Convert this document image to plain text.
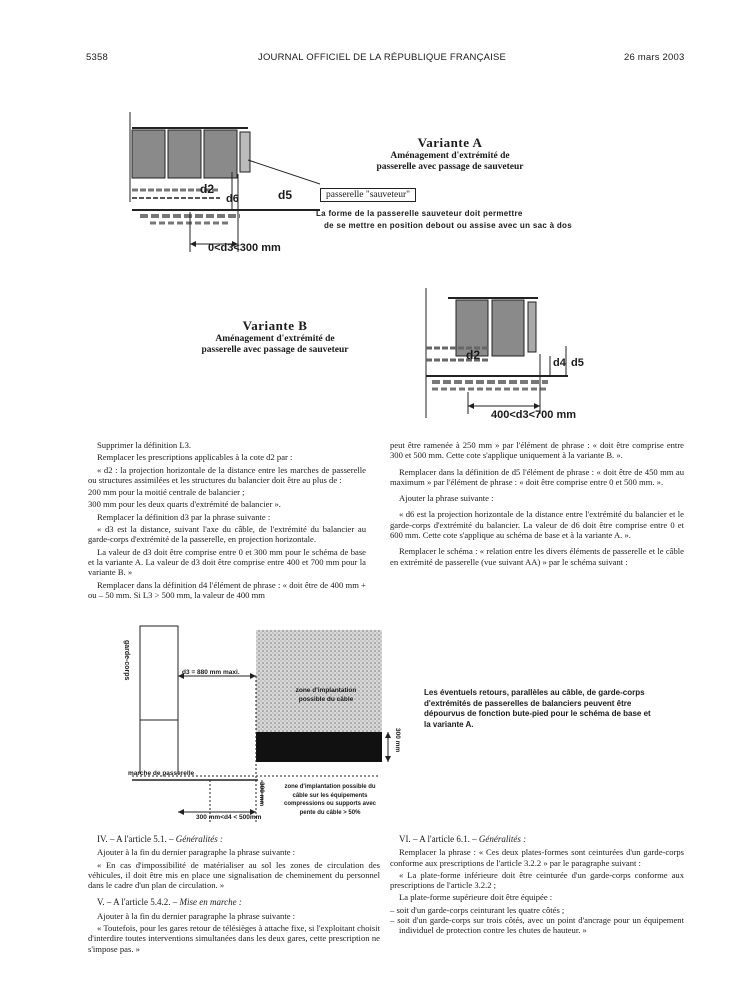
5358	JOURNAL OFFICIEL DE LA RÉPUBLIQUE FRANÇAISE	26 mars 2003
d2
d6	d5
0<d3<300 mm
passerelle "sauveteur"
Variante A
Aménagement d'extrémité de
passerelle avec passage de sauveteur
La forme de la passerelle sauveteur doit permettre
de se mettre en position debout ou assise avec un sac à dos
Variante B
Aménagement d'extrémité de
passerelle avec passage de sauveteur	d2
d4 d5
400<d3<700 mm

Supprimer la définition L3.

Remplacer les prescriptions applicables à la cote d2 par :

« d2 : la projection horizontale de la distance entre les marches de passerelle ou structures assimilées et les structures du balancier doit être au plus de :

200 mm pour la moitié centrale de balancier ;

300 mm pour les deux quarts d'extrémité de balancier ».

Remplacer la définition d3 par la phrase suivante :

« d3 est la distance, suivant l'axe du câble, de l'extrémité du balancier au garde-corps d'extrémité de la passerelle, en projection horizontale.

La valeur de d3 doit être comprise entre 0 et 300 mm pour le schéma de base et la variante A. La valeur de d3 doit être comprise entre 400 et 700 mm pour la variante B. »

Remplacer dans la définition d4 l'élément de phrase : « doit être de 400 mm + ou – 50 mm. Si L3 > 500 mm, la valeur de 400 mm

peut être ramenée à 250 mm » par l'élément de phrase : « doit être comprise entre 300 et 500 mm. Cette cote s'applique uniquement à la variante B. ».

Remplacer dans la définition de d5 l'élément de phrase : « doit être de 450 mm au maximum » par l'élément de phrase : « doit être comprise entre 0 et 500 mm. ».

Ajouter la phrase suivante :

« d6 est la projection horizontale de la distance entre l'extrémité du balancier et le garde-corps d'extrémité du balancier. La valeur de d6 doit être comprise entre 0 et 600 mm. Cette cote s'applique au schéma de base et à la variante A. ».

Remplacer le schéma : « relation entre les divers éléments de passerelle et le câble en extrémité de passerelle (vue suivant AA) » par le schéma suivant :

garde-corps	d3 = 880 mm maxi.
zone d'implantation possible du câble
300 mm
marche de passerelle
300 mm	zone d'implantation possible du câble sur les équipements compressions ou supports avec pente du câble > 50%
300 mm<d4 < 500mm
Les éventuels retours, parallèles au câble, de garde-corps d'extrémités de passerelles de balanciers peuvent être dépourvus de fonction bute-pied pour le schéma de base et la variante A.
IV. – A l'article 5.1. – Généralités :

Ajouter à la fin du dernier paragraphe la phrase suivante :

« En cas d'impossibilité de matérialiser au sol les zones de circulation des véhicules, il doit être mis en place une signalisation de cheminement du personnel dans le cadre d'un plan de circulation. »

V. – A l'article 5.4.2. – Mise en marche :

Ajouter à la fin du dernier paragraphe la phrase suivante :

« Toutefois, pour les gares retour de télésièges à attache fixe, si l'exploitant choisit d'interdire toutes interventions simultanées dans les deux gares, cette prescription ne s'impose pas. »

VI. – A l'article 6.1. – Généralités :

Remplacer la phrase : « Ces deux plates-formes sont ceinturées d'un garde-corps conforme aux prescriptions de l'article 3.2.2 » par le paragraphe suivant :

« La plate-forme inférieure doit être ceinturée d'un garde-corps conforme aux prescriptions de l'article 3.2.2 ;

La plate-forme supérieure doit être équipée :

– soit d'un garde-corps ceinturant les quatre côtés ;
– soit d'un garde-corps sur trois côtés, avec un point d'ancrage pour un équipement individuel de protection contre les chutes de hauteur. »
